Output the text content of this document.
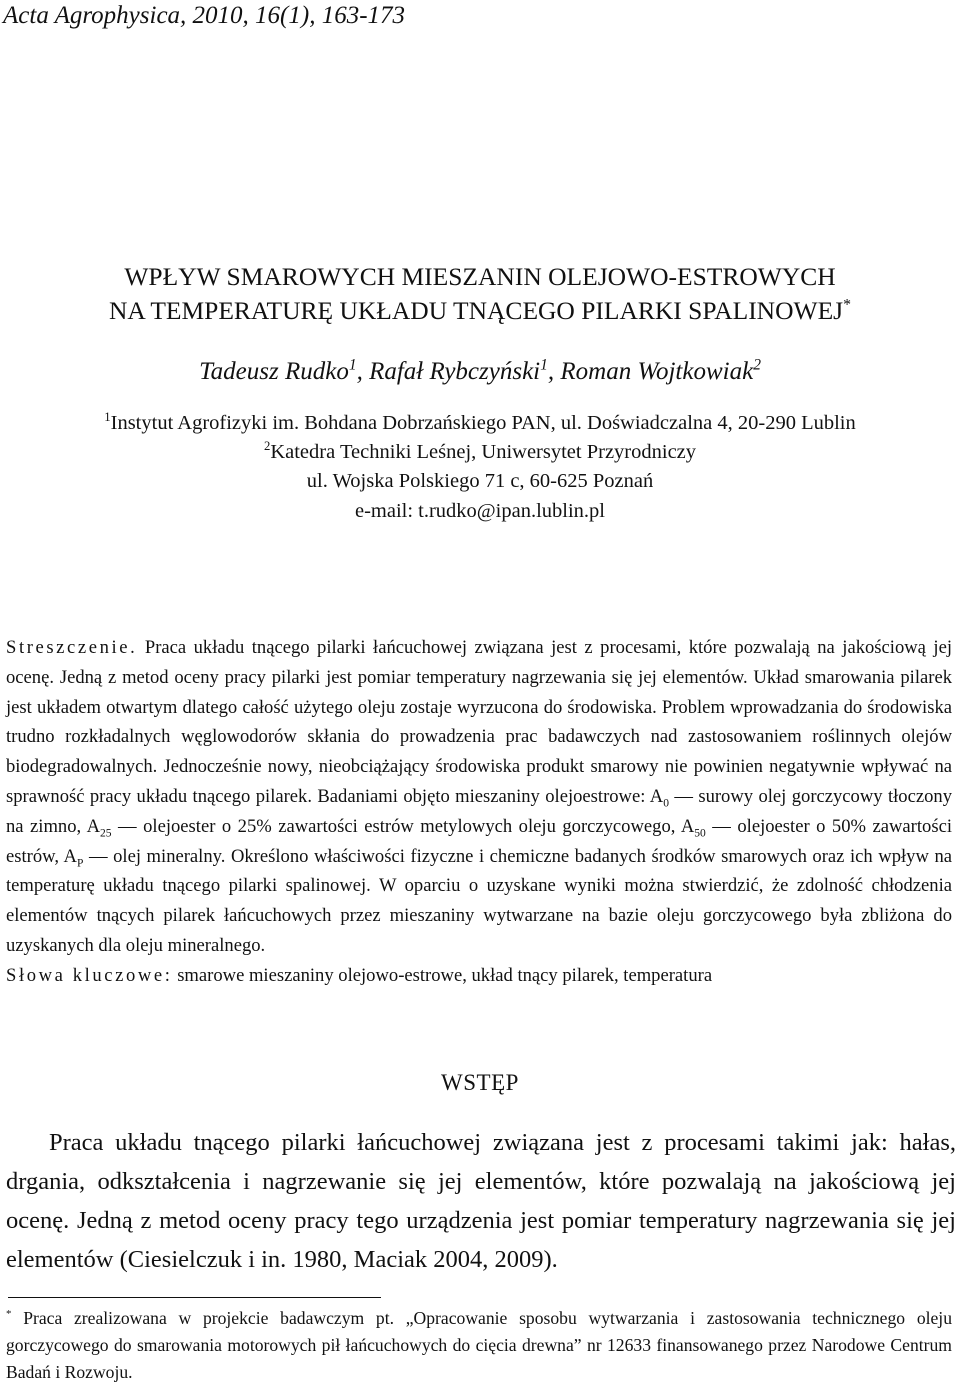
Acta Agrophysica, 2010, 16(1), 163-173
WPŁYW SMAROWYCH MIESZANIN OLEJOWO-ESTROWYCH
NA TEMPERATURĘ UKŁADU TNĄCEGO PILARKI SPALINOWEJ*
Tadeusz Rudko$^1$, Rafał Rybczyński$^1$, Roman Wojtkowiak$^2$
$^1$Instytut Agrofizyki im. Bohdana Dobrzańskiego PAN, ul. Doświadczalna 4, 20-290 Lublin
$^2$Katedra Techniki Leśnej, Uniwersytet Przyrodniczy
ul. Wojska Polskiego 71 c, 60-625 Poznań
e-mail: t.rudko@ipan.lublin.pl

Streszczenie. Praca układu tnącego pilarki łańcuchowej związana jest z procesami, które pozwalają na jakościową jej ocenę. Jedną z metod oceny pracy pilarki jest pomiar temperatury nagrzewania się jej elementów. Układ smarowania pilarek jest układem otwartym dlatego całość użytego oleju zostaje wyrzucona do środowiska. Problem wprowadzania do środowiska trudno rozkładalnych węglowodorów skłania do prowadzenia prac badawczych nad zastosowaniem roślinnych olejów biodegradowalnych. Jednocześnie nowy, nieobciążający środowiska produkt smarowy nie powinien negatywnie wpływać na sprawność pracy układu tnącego pilarek. Badaniami objęto mieszaniny olejoestrowe: $A_0$ — surowy olej gorczycowy tłoczony na zimno, $A_{25}$ — olejoester o 25% zawartości estrów metylowych oleju gorczycowego, $A_{50}$ — olejoester o 50% zawartości estrów, $A_P$ — olej mineralny. Określono właściwości fizyczne i chemiczne badanych środków smarowych oraz ich wpływ na temperaturę układu tnącego pilarki spalinowej. W oparciu o uzyskane wyniki można stwierdzić, że zdolność chłodzenia elementów tnących pilarek łańcuchowych przez mieszaniny wytwarzane na bazie oleju gorczycowego była zbliżona do uzyskanych dla oleju mineralnego.

Słowa kluczowe: smarowe mieszaniny olejowo-estrowe, układ tnący pilarek, temperatura

WSTĘP

Praca układu tnącego pilarki łańcuchowej związana jest z procesami takimi jak: hałas, drgania, odkształcenia i nagrzewanie się jej elementów, które pozwalają na jakościową jej ocenę. Jedną z metod oceny pracy tego urządzenia jest pomiar temperatury nagrzewania się jej elementów (Ciesielczuk i in. 1980, Maciak 2004, 2009).

* Praca zrealizowana w projekcie badawczym pt. „Opracowanie sposobu wytwarzania i zastosowania technicznego oleju gorczycowego do smarowania motorowych pił łańcuchowych do cięcia drewna” nr 12633 finansowanego przez Narodowe Centrum Badań i Rozwoju.
